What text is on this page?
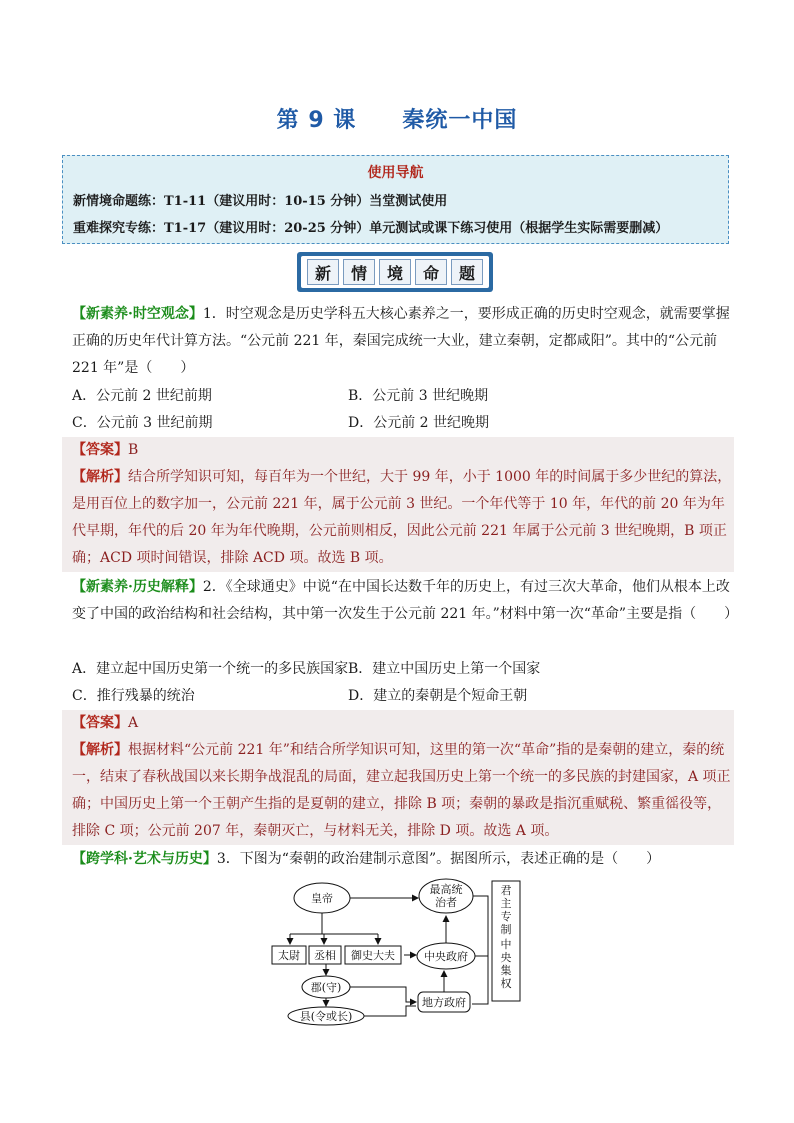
第 9 课 秦统一中国
使用导航
新情境命题练：T1-11（建议用时：10-15 分钟）当堂测试使用
重难探究专练：T1-17（建议用时：20-25 分钟）单元测试或课下练习使用（根据学生实际需要删减）
新	情	境	命	题
【新素养·时空观念】1．时空观念是历史学科五大核心素养之一，要形成正确的历史时空观念，就需要掌握正确的历史年代计算方法。“公元前 221 年，秦国完成统一大业，建立秦朝，定都咸阳”。其中的“公元前 221 年”是（　　）
A．公元前 2 世纪前期	B．公元前 3 世纪晚期
C．公元前 3 世纪前期	D．公元前 2 世纪晚期
【答案】B
【解析】结合所学知识可知，每百年为一个世纪，大于 99 年，小于 1000 年的时间属于多少世纪的算法，是用百位上的数字加一，公元前 221 年，属于公元前 3 世纪。一个年代等于 10 年，年代的前 20 年为年代早期，年代的后 20 年为年代晚期，公元前则相反，因此公元前 221 年属于公元前 3 世纪晚期，B 项正确；ACD 项时间错误，排除 ACD 项。故选 B 项。
【新素养·历史解释】2．《全球通史》中说“在中国长达数千年的历史上，有过三次大革命，他们从根本上改变了中国的政治结构和社会结构，其中第一次发生于公元前 221 年。”材料中第一次“革命”主要是指（　　）
A．建立起中国历史第一个统一的多民族国家 B．建立中国历史上第一个国家
C．推行残暴的统治	D．建立的秦朝是个短命王朝
【答案】A
【解析】根据材料“公元前 221 年”和结合所学知识可知，这里的第一次“革命”指的是秦朝的建立，秦的统一，结束了春秋战国以来长期争战混乱的局面，建立起我国历史上第一个统一的多民族的封建国家，A 项正确；中国历史上第一个王朝产生指的是夏朝的建立，排除 B 项；秦朝的暴政是指沉重赋税、繁重徭役等，排除 C 项；公元前 207 年，秦朝灭亡，与材料无关，排除 D 项。故选 A 项。
【跨学科·艺术与历史】3．下图为“秦朝的政治建制示意图”。据图所示，表述正确的是（　　）
皇帝
最高统
治者
太尉 丞相 御史大夫	中央政府
郡(守)
地方政府
县(令或长)
君
主
专
制
中
央
集
权
